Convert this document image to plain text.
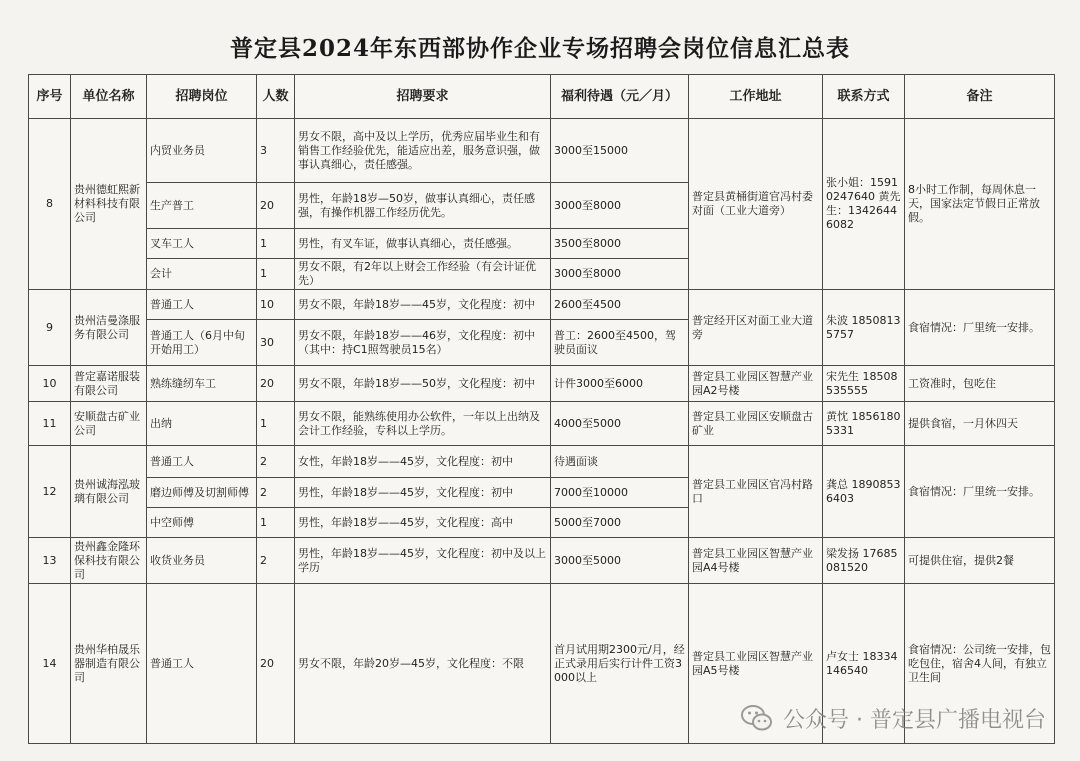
普定县2024年东西部协作企业专场招聘会岗位信息汇总表
序号	单位名称	招聘岗位	人数	招聘要求	福利待遇（元／月）	工作地址	联系方式	备注
8	贵州德虹熙新材料科技有限公司	内贸业务员	3	男女不限，高中及以上学历，优秀应届毕业生和有销售工作经验优先，能适应出差，服务意识强，做事认真细心，责任感强。	3000至15000	普定县黄桶街道官冯村委对面（工业大道旁）	张小姐：15910247640 黄先生：13426446082	8小时工作制，每周休息一天，国家法定节假日正常放假。
		生产普工	20	男性，年龄18岁—50岁，做事认真细心，责任感强，有操作机器工作经历优先。	3000至8000			
		叉车工人	1	男性，有叉车证，做事认真细心，责任感强。	3500至8000			
		会计	1	男女不限，有2年以上财会工作经验（有会计证优先）	3000至8000			
9	贵州洁曼涤服务有限公司	普通工人	10	男女不限，年龄18岁——45岁，文化程度：初中	2600至4500	普定经开区对面工业大道旁	朱波 18508135757	食宿情况：厂里统一安排。
		普通工人（6月中旬开始用工）	30	男女不限，年龄18岁——46岁，文化程度：初中（其中：持C1照驾驶员15名）	普工：2600至4500，驾驶员面议			
10	普定嘉诺服装有限公司	熟练缝纫车工	20	男女不限，年龄18岁——50岁，文化程度：初中	计件3000至6000	普定县工业园区智慧产业园A2号楼	宋先生 18508535555	工资准时，包吃住
11	安顺盘古矿业公司	出纳	1	男女不限，能熟练使用办公软件，一年以上出纳及会计工作经验，专科以上学历。	4000至5000	普定县工业园区安顺盘古矿业	黄忱 18561805331	提供食宿，一月休四天
12	贵州诚海泓玻璃有限公司	普通工人	2	女性，年龄18岁——45岁，文化程度：初中	待遇面谈	普定县工业园区官冯村路口	龚总 18908536403	食宿情况：厂里统一安排。
		磨边师傅及切割师傅	2	男性，年龄18岁——45岁，文化程度：初中	7000至10000			
		中空师傅	1	男性，年龄18岁——45岁，文化程度：高中	5000至7000			
13	贵州鑫金隆环保科技有限公司	收货业务员	2	男性，年龄18岁——45岁，文化程度：初中及以上学历	3000至5000	普定县工业园区智慧产业园A4号楼	梁发扬 17685081520	可提供住宿，提供2餐
14	贵州华柏晟乐器制造有限公司	普通工人	20	男女不限，年龄20岁—45岁，文化程度：不限	首月试用期2300元/月，经正式录用后实行计件工资3000以上	普定县工业园区智慧产业园A5号楼	卢女士 18334146540	食宿情况：公司统一安排，包吃包住，宿舍4人间，有独立卫生间
公众号 · 普定县广播电视台
